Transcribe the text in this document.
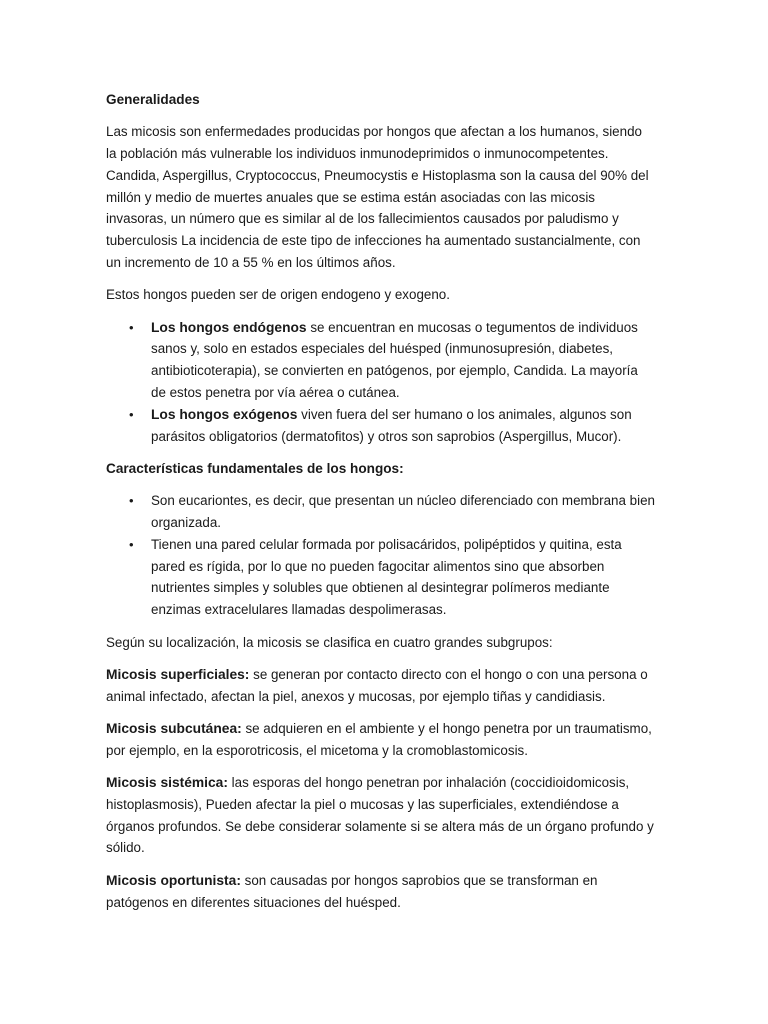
Generalidades

Las micosis son enfermedades producidas por hongos que afectan a los humanos, siendo la población más vulnerable los individuos inmunodeprimidos o inmunocompetentes. Candida, Aspergillus, Cryptococcus, Pneumocystis e Histoplasma son la causa del 90% del millón y medio de muertes anuales que se estima están asociadas con las micosis invasoras, un número que es similar al de los fallecimientos causados por paludismo y tuberculosis La incidencia de este tipo de infecciones ha aumentado sustancialmente, con un incremento de 10 a 55 % en los últimos años.

Estos hongos pueden ser de origen endogeno y exogeno.

• Los hongos endógenos se encuentran en mucosas o tegumentos de individuos sanos y, solo en estados especiales del huésped (inmunosupresión, diabetes, antibioticoterapia), se convierten en patógenos, por ejemplo, Candida. La mayoría de estos penetra por vía aérea o cutánea.
• Los hongos exógenos viven fuera del ser humano o los animales, algunos son parásitos obligatorios (dermatofitos) y otros son saprobios (Aspergillus, Mucor).
Características fundamentales de los hongos:
• Son eucariontes, es decir, que presentan un núcleo diferenciado con membrana bien organizada.
• Tienen una pared celular formada por polisacáridos, polipéptidos y quitina, esta pared es rígida, por lo que no pueden fagocitar alimentos sino que absorben nutrientes simples y solubles que obtienen al desintegrar polímeros mediante enzimas extracelulares llamadas despolimerasas.

Según su localización, la micosis se clasifica en cuatro grandes subgrupos:

Micosis superficiales: se generan por contacto directo con el hongo o con una persona o animal infectado, afectan la piel, anexos y mucosas, por ejemplo tiñas y candidiasis.

Micosis subcutánea: se adquieren en el ambiente y el hongo penetra por un traumatismo, por ejemplo, en la esporotricosis, el micetoma y la cromoblastomicosis.

Micosis sistémica: las esporas del hongo penetran por inhalación (coccidioidomicosis, histoplasmosis), Pueden afectar la piel o mucosas y las superficiales, extendiéndose a órganos profundos. Se debe considerar solamente si se altera más de un órgano profundo y sólido.

Micosis oportunista: son causadas por hongos saprobios que se transforman en patógenos en diferentes situaciones del huésped.
